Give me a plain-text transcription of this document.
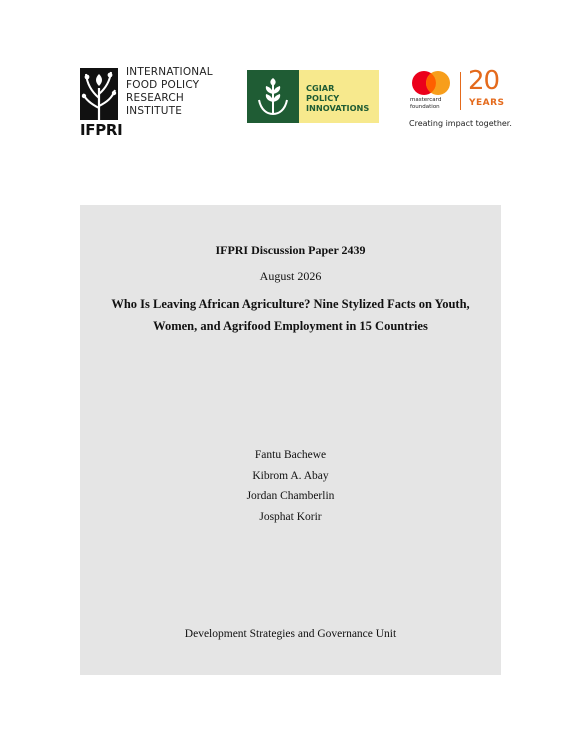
INTERNATIONAL
FOOD POLICY
RESEARCH
INSTITUTE
IFPRI
CGIAR
POLICY
INNOVATIONS
mastercard
foundation
20
YEARS
Creating impact together.
IFPRI Discussion Paper 2439
August 2026
Who Is Leaving African Agriculture? Nine Stylized Facts on Youth,
Women, and Agrifood Employment in 15 Countries
Fantu Bachewe
Kibrom A. Abay
Jordan Chamberlin
Josphat Korir
Development Strategies and Governance Unit
